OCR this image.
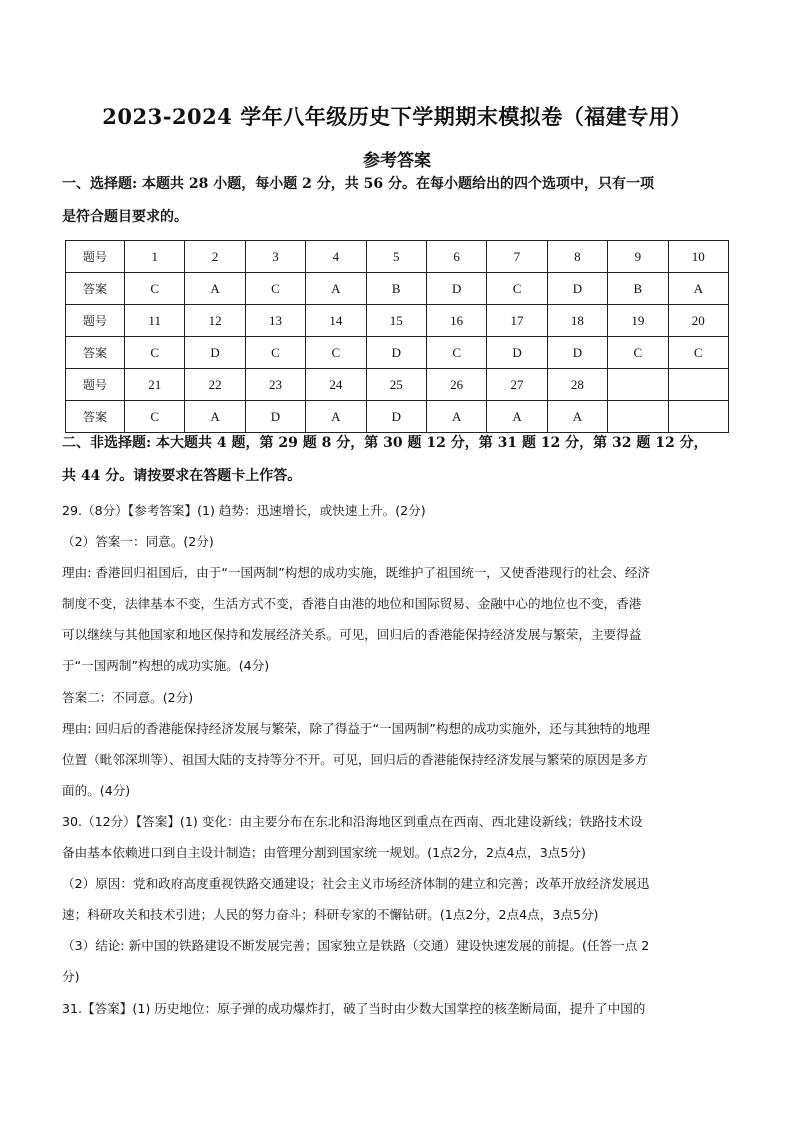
2023-2024 学年八年级历史下学期期末模拟卷（福建专用）
参考答案
一、选择题: 本题共 28 小题，每小题 2 分，共 56 分。在每小题给出的四个选项中，只有一项
是符合题目要求的。
题号	1	2	3	4	5	6	7	8	9	10
答案	C	A	C	A	B	D	C	D	B	A
题号	11	12	13	14	15	16	17	18	19	20
答案	C	D	C	C	D	C	D	D	C	C
题号	21	22	23	24	25	26	27	28		
答案	C	A	D	A	D	A	A	A		
二、非选择题: 本大题共 4 题，第 29 题 8 分，第 30 题 12 分，第 31 题 12 分，第 32 题 12 分，
共 44 分。请按要求在答题卡上作答。

29.（8分）【参考答案】(1) 趋势：迅速增长，或快速上升。(2分)

（2）答案一：同意。(2分)

理由: 香港回归祖国后，由于“一国两制”构想的成功实施，既维护了祖国统一，又使香港现行的社会、经济

制度不变，法律基本不变，生活方式不变，香港自由港的地位和国际贸易、金融中心的地位也不变，香港

可以继续与其他国家和地区保持和发展经济关系。可见，回归后的香港能保持经济发展与繁荣，主要得益

于“一国两制”构想的成功实施。(4分)

答案二：不同意。(2分)

理由: 回归后的香港能保持经济发展与繁荣，除了得益于“一国两制”构想的成功实施外，还与其独特的地理

位置（毗邻深圳等）、祖国大陆的支持等分不开。可见，回归后的香港能保持经济发展与繁荣的原因是多方

面的。(4分)

30.（12分）【答案】(1) 变化：由主要分布在东北和沿海地区到重点在西南、西北建设新线；铁路技术设

备由基本依赖进口到自主设计制造；由管理分割到国家统一规划。(1点2分，2点4点，3点5分)

（2）原因：党和政府高度重视铁路交通建设；社会主义市场经济体制的建立和完善；改革开放经济发展迅

速；科研攻关和技术引进；人民的努力奋斗；科研专家的不懈钻研。(1点2分，2点4点，3点5分)

（3）结论: 新中国的铁路建设不断发展完善；国家独立是铁路（交通）建设快速发展的前提。(任答一点 2

分)

31.【答案】(1) 历史地位：原子弹的成功爆炸打，破了当时由少数大国掌控的核垄断局面，提升了中国的
